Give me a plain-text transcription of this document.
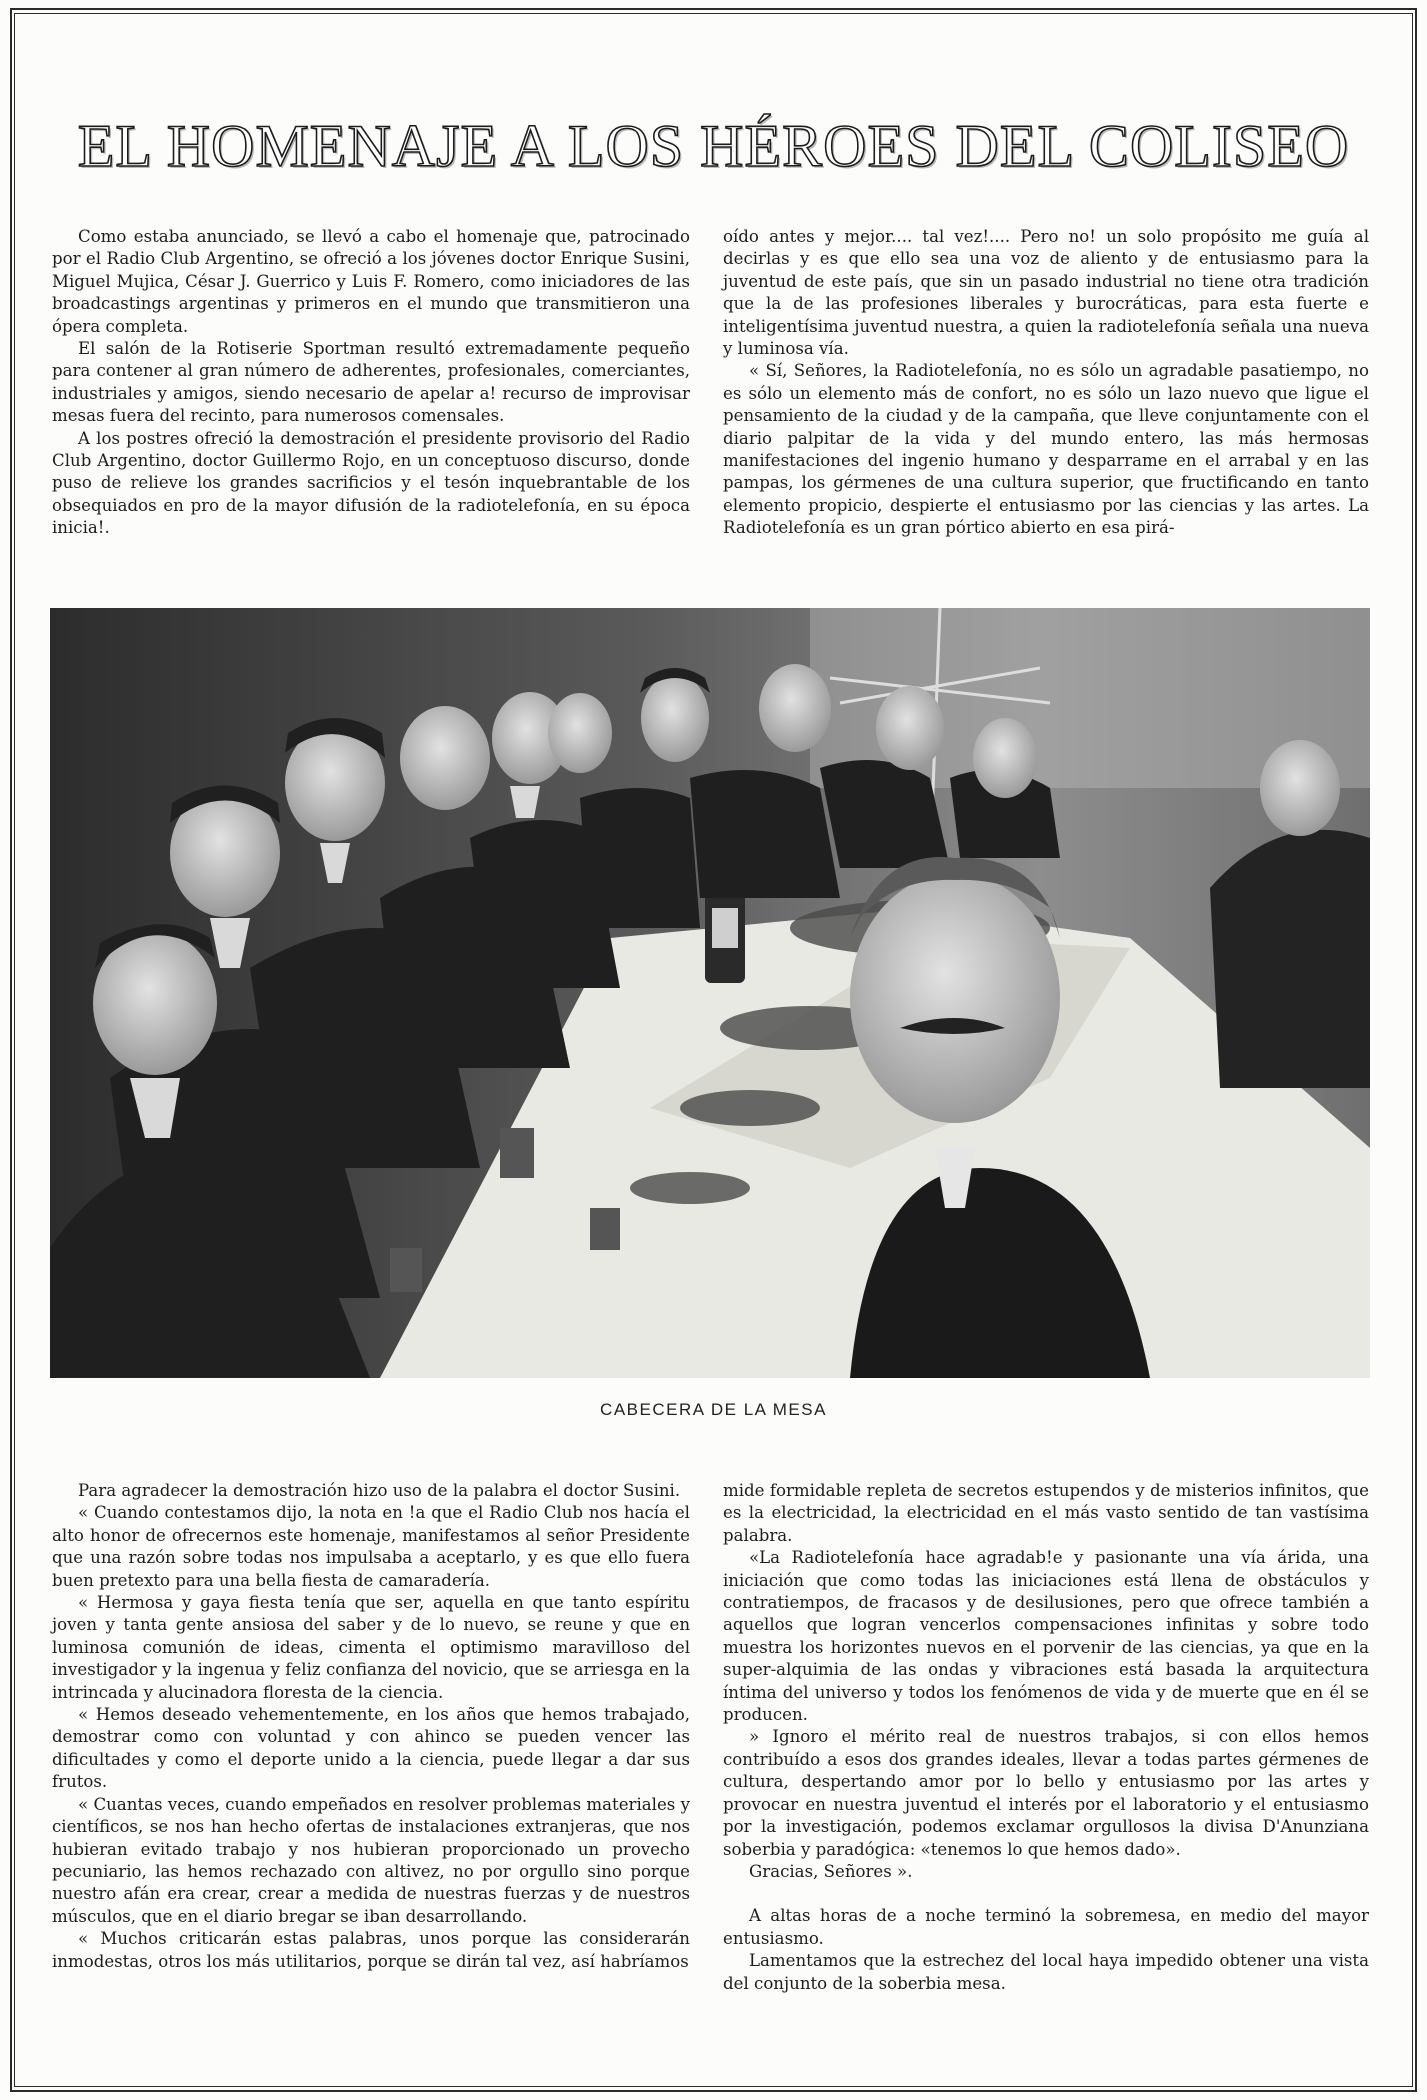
EL HOMENAJE A LOS HÉROES DEL COLISEO

Como estaba anunciado, se llevó a cabo el homenaje que, patrocinado por el Radio Club Argentino, se ofreció a los jóvenes doctor Enrique Susini, Miguel Mujica, César J. Guerrico y Luis F. Romero, como iniciadores de las broadcastings argentinas y primeros en el mundo que transmitieron una ópera completa.

El salón de la Rotiserie Sportman resultó extremadamente pequeño para contener al gran número de adherentes, profesionales, comerciantes, industriales y amigos, siendo necesario de apelar a! recurso de improvisar mesas fuera del recinto, para numerosos comensales.

A los postres ofreció la demostración el presidente provisorio del Radio Club Argentino, doctor Guillermo Rojo, en un conceptuoso discurso, donde puso de relieve los grandes sacrificios y el tesón inquebrantable de los obsequiados en pro de la mayor difusión de la radiotelefonía, en su época inicia!.

oído antes y mejor.... tal vez!.... Pero no! un solo propósito me guía al decirlas y es que ello sea una voz de aliento y de entusiasmo para la juventud de este país, que sin un pasado industrial no tiene otra tradición que la de las profesiones liberales y burocráticas, para esta fuerte e inteligentísima juventud nuestra, a quien la radiotelefonía señala una nueva y luminosa vía.

« Sí, Señores, la Radiotelefonía, no es sólo un agradable pasatiempo, no es sólo un elemento más de confort, no es sólo un lazo nuevo que ligue el pensamiento de la ciudad y de la campaña, que lleve conjuntamente con el diario palpitar de la vida y del mundo entero, las más hermosas manifestaciones del ingenio humano y desparrame en el arrabal y en las pampas, los gérmenes de una cultura superior, que fructificando en tanto elemento propicio, despierte el entusiasmo por las ciencias y las artes. La Radiotelefonía es un gran pórtico abierto en esa pirá-

CABECERA DE LA MESA

Para agradecer la demostración hizo uso de la palabra el doctor Susini.

« Cuando contestamos dijo, la nota en !a que el Radio Club nos hacía el alto honor de ofrecernos este homenaje, manifestamos al señor Presidente que una razón sobre todas nos impulsaba a aceptarlo, y es que ello fuera buen pretexto para una bella fiesta de camaradería.

« Hermosa y gaya fiesta tenía que ser, aquella en que tanto espíritu joven y tanta gente ansiosa del saber y de lo nuevo, se reune y que en luminosa comunión de ideas, cimenta el optimismo maravilloso del investigador y la ingenua y feliz confianza del novicio, que se arriesga en la intrincada y alucinadora floresta de la ciencia.

« Hemos deseado vehementemente, en los años que hemos trabajado, demostrar como con voluntad y con ahinco se pueden vencer las dificultades y como el deporte unido a la ciencia, puede llegar a dar sus frutos.

« Cuantas veces, cuando empeñados en resolver problemas materiales y científicos, se nos han hecho ofertas de instalaciones extranjeras, que nos hubieran evitado trabajo y nos hubieran proporcionado un provecho pecuniario, las hemos rechazado con altivez, no por orgullo sino porque nuestro afán era crear, crear a medida de nuestras fuerzas y de nuestros músculos, que en el diario bregar se iban desarrollando.

« Muchos criticarán estas palabras, unos porque las considerarán inmodestas, otros los más utilitarios, porque se dirán tal vez, así habríamos

mide formidable repleta de secretos estupendos y de misterios infinitos, que es la electricidad, la electricidad en el más vasto sentido de tan vastísima palabra.

«La Radiotelefonía hace agradab!e y pasionante una vía árida, una iniciación que como todas las iniciaciones está llena de obstáculos y contratiempos, de fracasos y de desilusiones, pero que ofrece también a aquellos que logran vencerlos compensaciones infinitas y sobre todo muestra los horizontes nuevos en el porvenir de las ciencias, ya que en la super-alquimia de las ondas y vibraciones está basada la arquitectura íntima del universo y todos los fenómenos de vida y de muerte que en él se producen.

» Ignoro el mérito real de nuestros trabajos, si con ellos hemos contribuído a esos dos grandes ideales, llevar a todas partes gérmenes de cultura, despertando amor por lo bello y entusiasmo por las artes y provocar en nuestra juventud el interés por el laboratorio y el entusiasmo por la investigación, podemos exclamar orgullosos la divisa D'Anunziana soberbia y paradógica: «tenemos lo que hemos dado».

Gracias, Señores ».

A altas horas de a noche terminó la sobremesa, en medio del mayor entusiasmo.

Lamentamos que la estrechez del local haya impedido obtener una vista del conjunto de la soberbia mesa.
